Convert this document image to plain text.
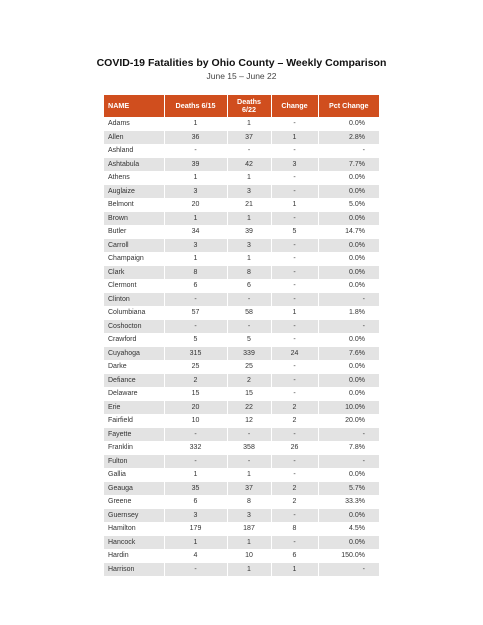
COVID-19 Fatalities by Ohio County – Weekly Comparison
June 15 – June 22
NAME	Deaths 6/15	Deaths 6/22	Change	Pct Change
Adams	1	1	-	0.0%
Allen	36	37	1	2.8%
Ashland	-	-	-	-
Ashtabula	39	42	3	7.7%
Athens	1	1	-	0.0%
Auglaize	3	3	-	0.0%
Belmont	20	21	1	5.0%
Brown	1	1	-	0.0%
Butler	34	39	5	14.7%
Carroll	3	3	-	0.0%
Champaign	1	1	-	0.0%
Clark	8	8	-	0.0%
Clermont	6	6	-	0.0%
Clinton	-	-	-	-
Columbiana	57	58	1	1.8%
Coshocton	-	-	-	-
Crawford	5	5	-	0.0%
Cuyahoga	315	339	24	7.6%
Darke	25	25	-	0.0%
Defiance	2	2	-	0.0%
Delaware	15	15	-	0.0%
Erie	20	22	2	10.0%
Fairfield	10	12	2	20.0%
Fayette	-	-	-	-
Franklin	332	358	26	7.8%
Fulton	-	-	-	-
Gallia	1	1	-	0.0%
Geauga	35	37	2	5.7%
Greene	6	8	2	33.3%
Guernsey	3	3	-	0.0%
Hamilton	179	187	8	4.5%
Hancock	1	1	-	0.0%
Hardin	4	10	6	150.0%
Harrison	-	1	1	-
